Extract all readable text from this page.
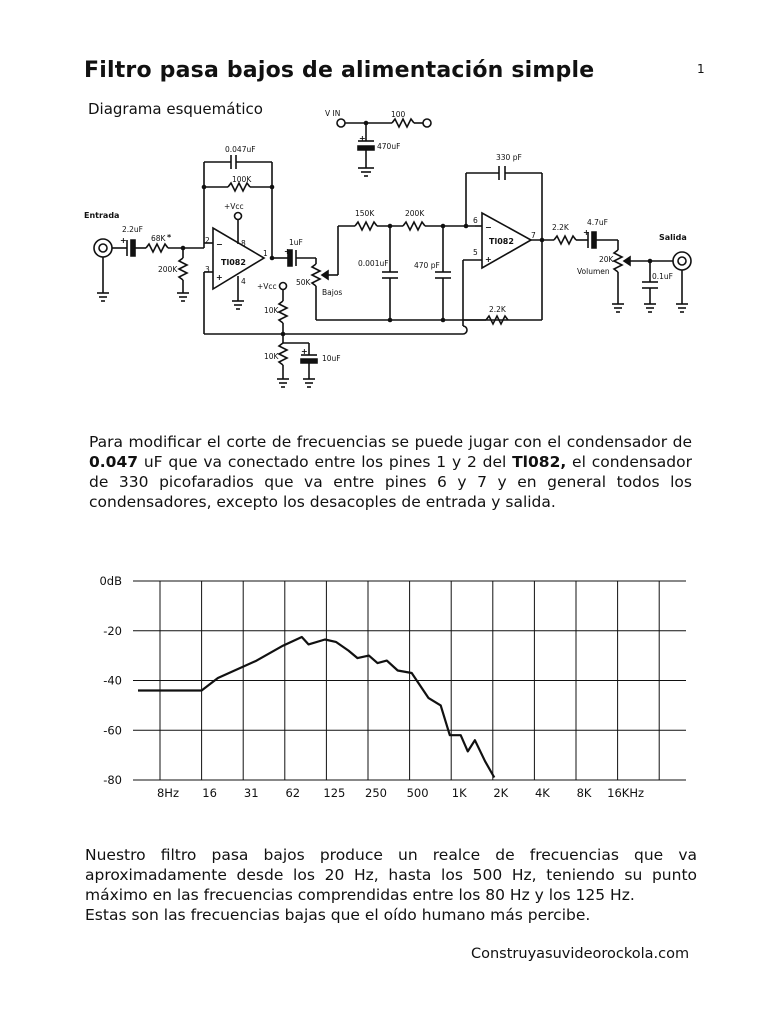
Filtro pasa bajos de alimentación simple	1
Diagrama esquemático	V IN	100
470uF
+
0.047uF
100K
+Vcc
Tl082
−
+
2
3
8
4
1
Entrada
+
2.2uF
68K *
200K
+
1uF
50K
Bajos
+Vcc
10K
10K
+
10uF
150K	200K
0.001uF	470 pF
330 pF
Tl082
−
+
6
5
7
2.2K
2.2K
+
4.7uF
20K
Volumen
0.1uF
Salida
Para modificar el corte de frecuencias se puede jugar con el condensador de 0.047 uF que va conectado entre los pines 1 y 2 del Tl082, el condensador de 330 picofaradios que va entre pines 6 y 7 y en general todos los condensadores, excepto los desacoples de entrada y salida.
0dB
-20
-40
-60
-80
8Hz 16 31 62 125 250 500 1K 2K 4K 8K 16KHz
Nuestro filtro pasa bajos produce un realce de frecuencias que va aproximadamente desde los 20 Hz, hasta los 500 Hz, teniendo su punto máximo en las frecuencias comprendidas entre los 80 Hz y los 125 Hz.
Estas son las frecuencias bajas que el oído humano más percibe.
Construyasuvideorockola.com
